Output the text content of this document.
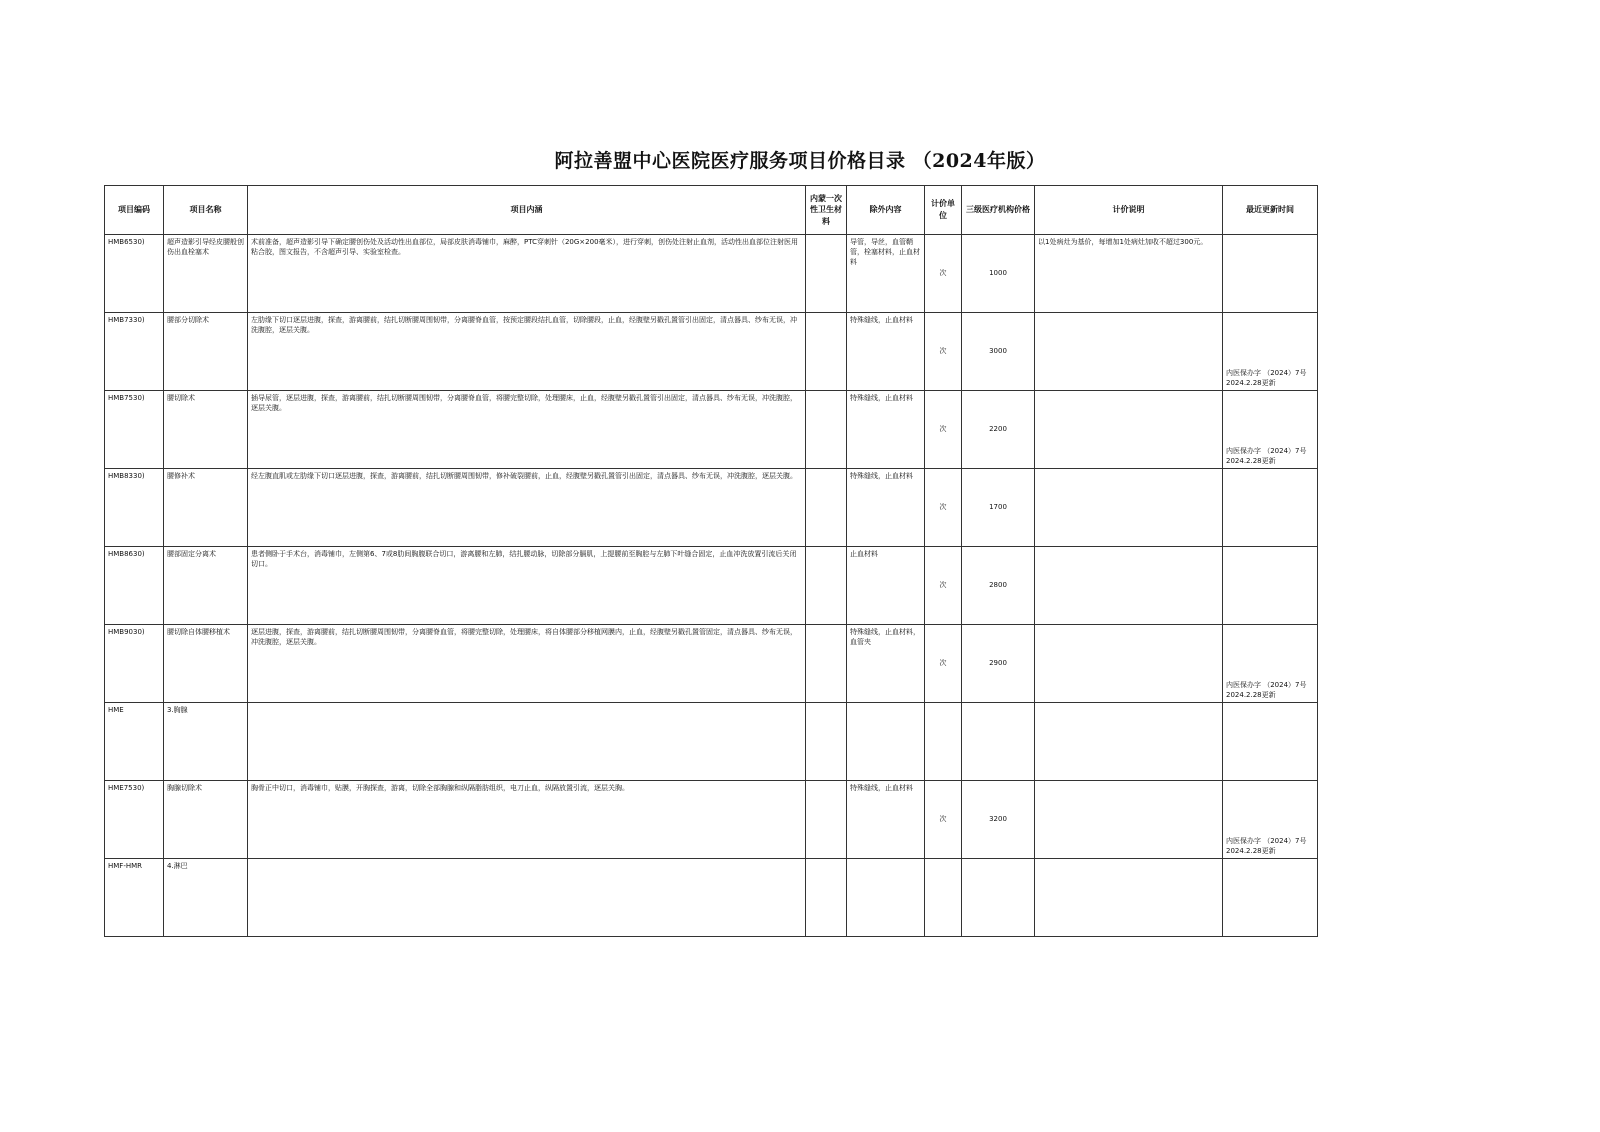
阿拉善盟中心医院医疗服务项目价格目录 （2024年版）
项目编码	项目名称	项目内涵	内蒙一次性卫生材料	除外内容	计价单位	三级医疗机构价格	计价说明	最近更新时间
HMB6530)	超声造影引导经皮腰般创伤出血栓塞术	术前准备，超声造影引导下确定腰创伤处及活动性出血部位，局部皮肤消毒铺巾，麻醉，PTC穿刺针（20G×200毫米），进行穿刺，创伤处注射止血剂，活动性出血部位注射医用粘合胶，图文报告，不含超声引导、实验室检查。		导管，导丝，血管鞘管，栓塞材料，止血材料	次	1000	以1处病灶为基价，每增加1处病灶加收不超过300元。	

HMB7330)	腰部分切除术	左肋缘下切口逐层进腹，探查，游离腰前，结扎切断腰周围韧带，分离腰脊血管，按预定腰段结扎血管，切除腰段，止血，经腹壁另戳孔置管引出固定，清点器具、纱布无误，冲洗腹腔，逐层关腹。		特殊缝线，止血材料	次	3000		内医保办字 （2024）7号 2024.2.28更新

HMB7530)	腰切除术	插导尿管，逐层进腹，探查，游离腰前，结扎切断腰周围韧带，分离腰脊血管，将腰完整切除，处理腰床，止血，经腹壁另戳孔置管引出固定，清点器具、纱布无误，冲洗腹腔，逐层关腹。		特殊缝线，止血材料	次	2200		内医保办字 （2024）7号 2024.2.28更新

HMB8330)	腰修补术	经左腹直肌或左肋缘下切口逐层进腹，探查，游离腰前，结扎切断腰周围韧带，修补破裂腰前，止血，经腹壁另戳孔置管引出固定，清点器具、纱布无误，冲洗腹腔，逐层关腹。		特殊缝线，止血材料	次	1700		

HMB8630)	腰部固定分离术	患者侧卧于手术台，消毒铺巾，左侧第6、7或8肋间胸腹联合切口，游离腰和左肺，结扎腰动脉，切除部分膈肌，上提腰前至胸腔与左肺下叶缝合固定，止血冲洗放置引流后关闭切口。		止血材料	次	2800		

HMB9030)	腰切除自体腰移植术	逐层进腹，探查，游离腰前，结扎切断腰周围韧带，分离腰脊血管，将腰完整切除，处理腰床，将自体腰部分移植网膜内，止血，经腹壁另戳孔置管固定，清点器具、纱布无误，冲洗腹腔，逐层关腹。		特殊缝线，止血材料，血管夹	次	2900		内医保办字 （2024）7号 2024.2.28更新

HME	3.胸腺							

HME7530)	胸腺切除术	胸骨正中切口，消毒铺巾，贴膜，开胸探查，游离，切除全部胸腺和纵隔脂肪组织，电刀止血，纵隔放置引流，逐层关胸。		特殊缝线，止血材料	次	3200		内医保办字 （2024）7号 2024.2.28更新

HMF-HMR	4.淋巴							
